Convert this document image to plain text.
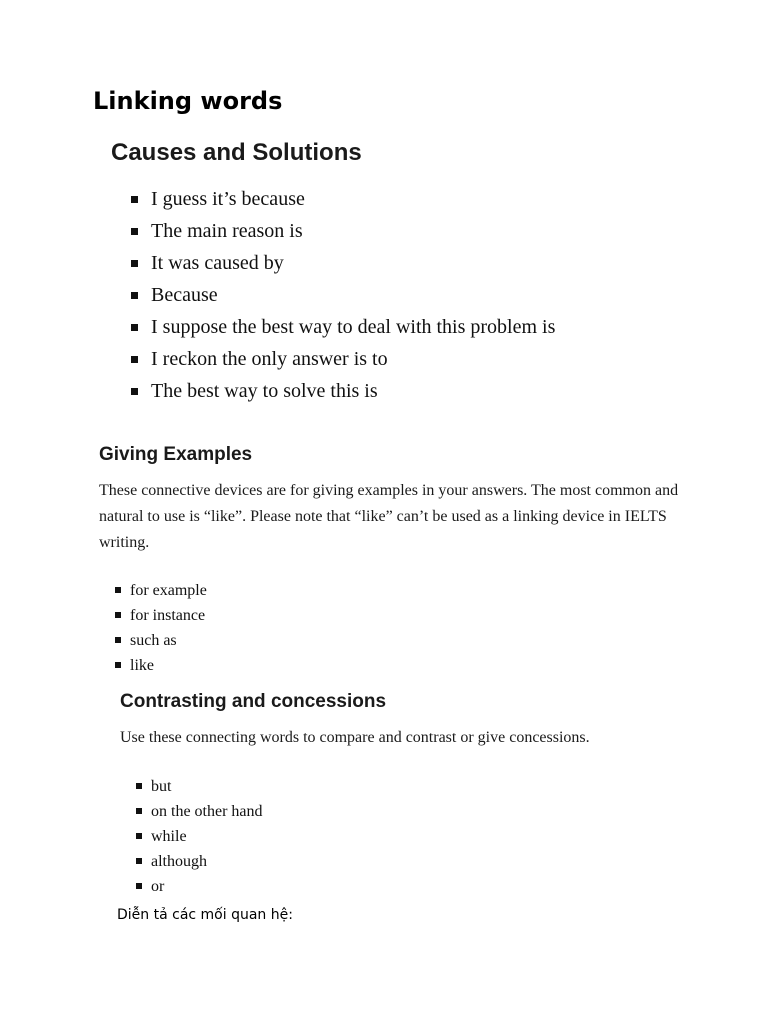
Linking words
Causes and Solutions
I guess it’s because
The main reason is
It was caused by
Because
I suppose the best way to deal with this problem is
I reckon the only answer is to
The best way to solve this is
Giving Examples

These connective devices are for giving examples in your answers. The most common and natural to use is “like”. Please note that “like” can’t be used as a linking device in IELTS writing.

for example
for instance
such as
like
Contrasting and concessions

Use these connecting words to compare and contrast or give concessions.

but
on the other hand
while
although
or

Diễn tả các mối quan hệ:
